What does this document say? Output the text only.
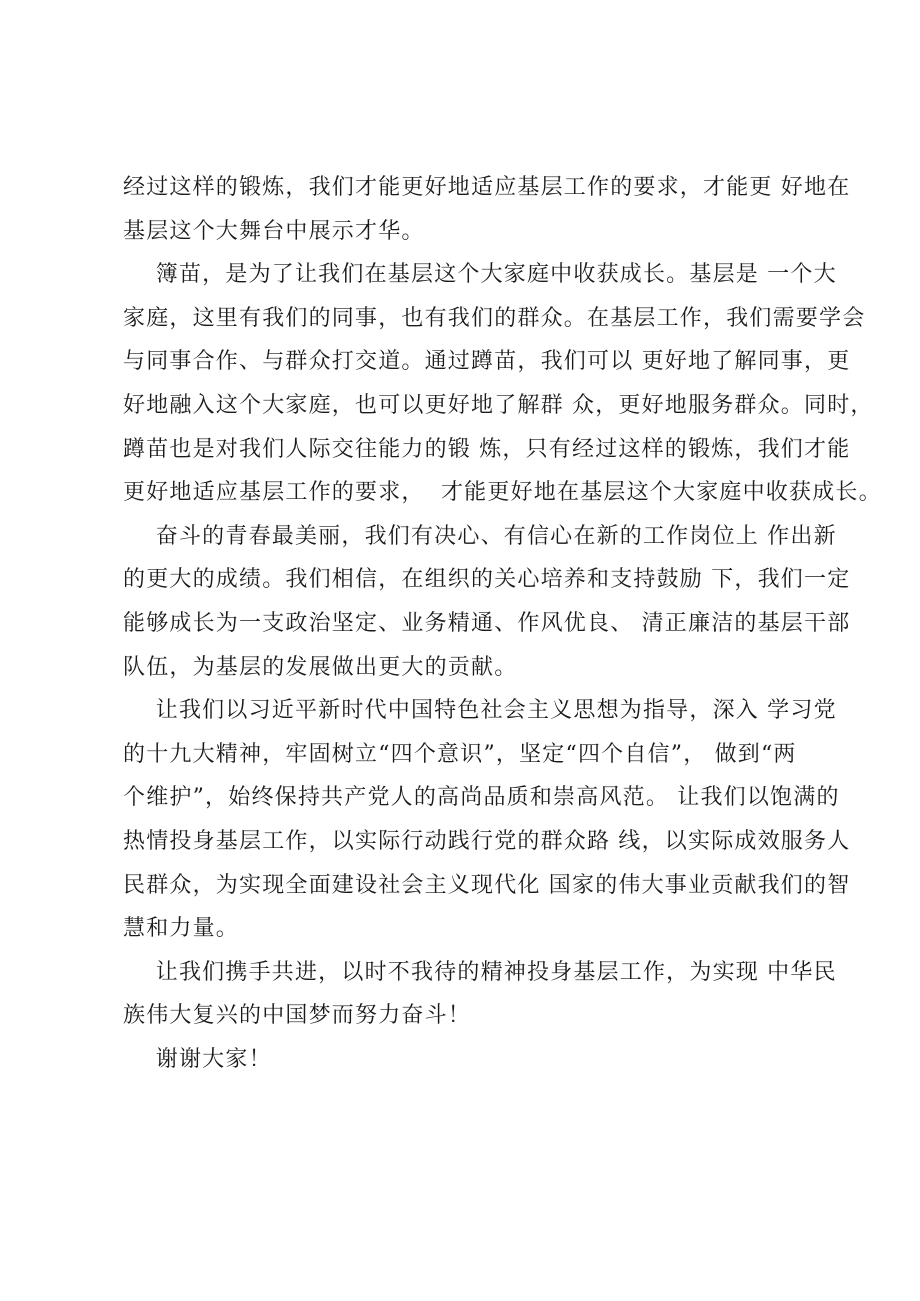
经过这样的锻炼，我们才能更好地适应基层工作的要求，才能更 好地在
基层这个大舞台中展示才华。
簿苗，是为了让我们在基层这个大家庭中收获成长。基层是 一个大
家庭，这里有我们的同事，也有我们的群众。在基层工作，我们需要学会
与同事合作、与群众打交道。通过蹲苗，我们可以 更好地了解同事，更
好地融入这个大家庭，也可以更好地了解群 众，更好地服务群众。同时，
蹲苗也是对我们人际交往能力的锻 炼，只有经过这样的锻炼，我们才能
更好地适应基层工作的要求，  才能更好地在基层这个大家庭中收获成长。
奋斗的青春最美丽，我们有决心、有信心在新的工作岗位上 作出新
的更大的成绩。我们相信，在组织的关心培养和支持鼓励 下，我们一定
能够成长为一支政治坚定、业务精通、作风优良、 清正廉洁的基层干部
队伍，为基层的发展做出更大的贡献。
让我们以习近平新时代中国特色社会主义思想为指导，深入 学习党
的十九大精神，牢固树立“四个意识”，坚定“四个自信”， 做到“两
个维护”，始终保持共产党人的高尚品质和崇高风范。 让我们以饱满的
热情投身基层工作，以实际行动践行党的群众路 线，以实际成效服务人
民群众，为实现全面建设社会主义现代化 国家的伟大事业贡献我们的智
慧和力量。
让我们携手共进，以时不我待的精神投身基层工作，为实现 中华民
族伟大复兴的中国梦而努力奋斗！
谢谢大家！
